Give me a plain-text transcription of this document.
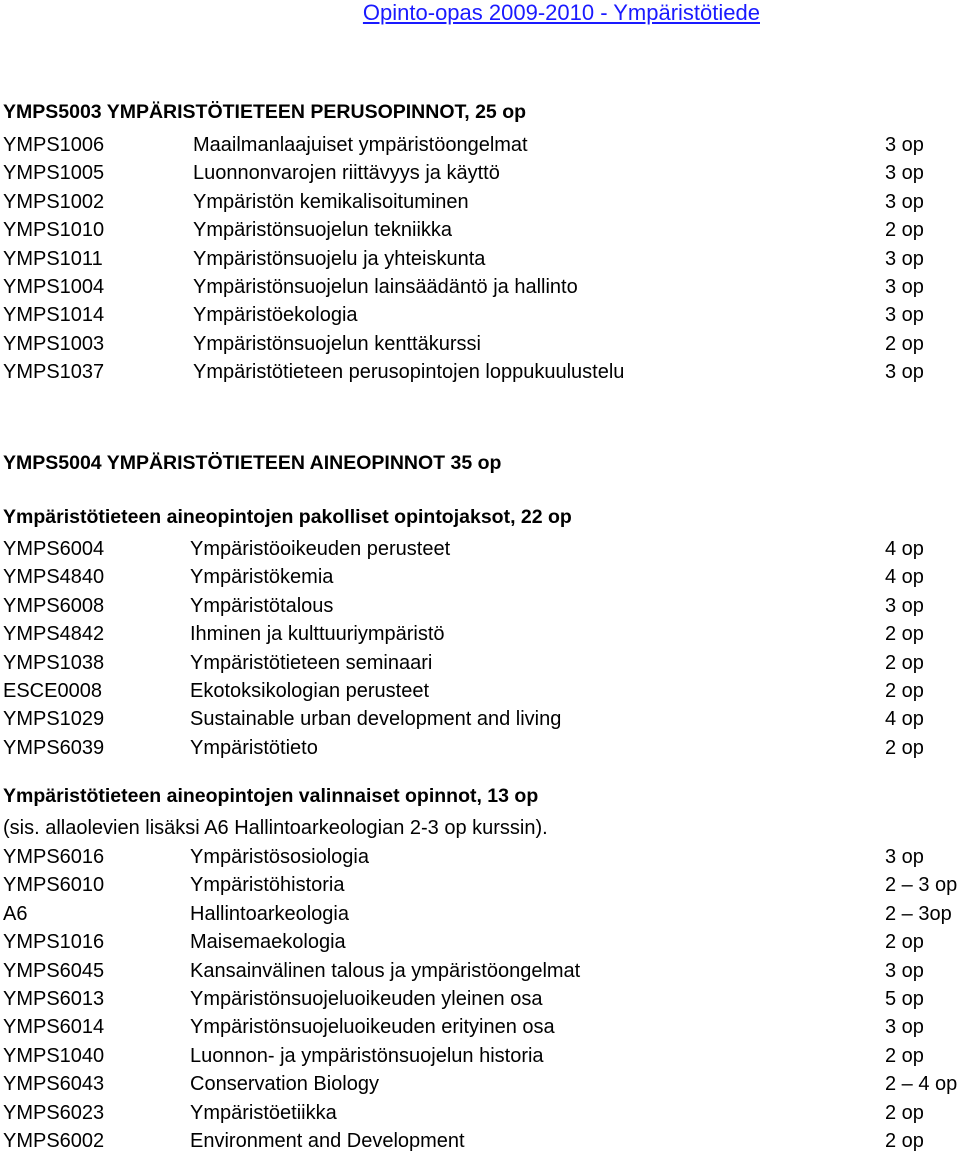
Opinto-opas 2009-2010 - Ympäristötiede
YMPS5003 YMPÄRISTÖTIETEEN PERUSOPINNOT, 25 op
YMPS1006	Maailmanlaajuiset ympäristöongelmat	3 op
YMPS1005	Luonnonvarojen riittävyys ja käyttö	3 op
YMPS1002	Ympäristön kemikalisoituminen	3 op
YMPS1010	Ympäristönsuojelun tekniikka	2 op
YMPS1011	Ympäristönsuojelu ja yhteiskunta	3 op
YMPS1004	Ympäristönsuojelun lainsäädäntö ja hallinto	3 op
YMPS1014	Ympäristöekologia	3 op
YMPS1003	Ympäristönsuojelun kenttäkurssi	2 op
YMPS1037	Ympäristötieteen perusopintojen loppukuulustelu	3 op
YMPS5004 YMPÄRISTÖTIETEEN AINEOPINNOT 35 op
Ympäristötieteen aineopintojen pakolliset opintojaksot, 22 op
YMPS6004	Ympäristöoikeuden perusteet	4 op
YMPS4840	Ympäristökemia	4 op
YMPS6008	Ympäristötalous	3 op
YMPS4842	Ihminen ja kulttuuriympäristö	2 op
YMPS1038	Ympäristötieteen seminaari	2 op
ESCE0008	Ekotoksikologian perusteet	2 op
YMPS1029	Sustainable urban development and living	4 op
YMPS6039	Ympäristötieto	2 op
Ympäristötieteen aineopintojen valinnaiset opinnot, 13 op
(sis. allaolevien lisäksi A6 Hallintoarkeologian 2-3 op kurssin).
YMPS6016	Ympäristösosiologia	3 op
YMPS6010	Ympäristöhistoria	2 – 3 op
A6	Hallintoarkeologia	2 – 3op
YMPS1016	Maisemaekologia	2 op
YMPS6045	Kansainvälinen talous ja ympäristöongelmat	3 op
YMPS6013	Ympäristönsuojeluoikeuden yleinen osa	5 op
YMPS6014	Ympäristönsuojeluoikeuden erityinen osa	3 op
YMPS1040	Luonnon- ja ympäristönsuojelun historia	2 op
YMPS6043	Conservation Biology	2 – 4 op
YMPS6023	Ympäristöetiikka	2 op
YMPS6002	Environment and Development	2 op
